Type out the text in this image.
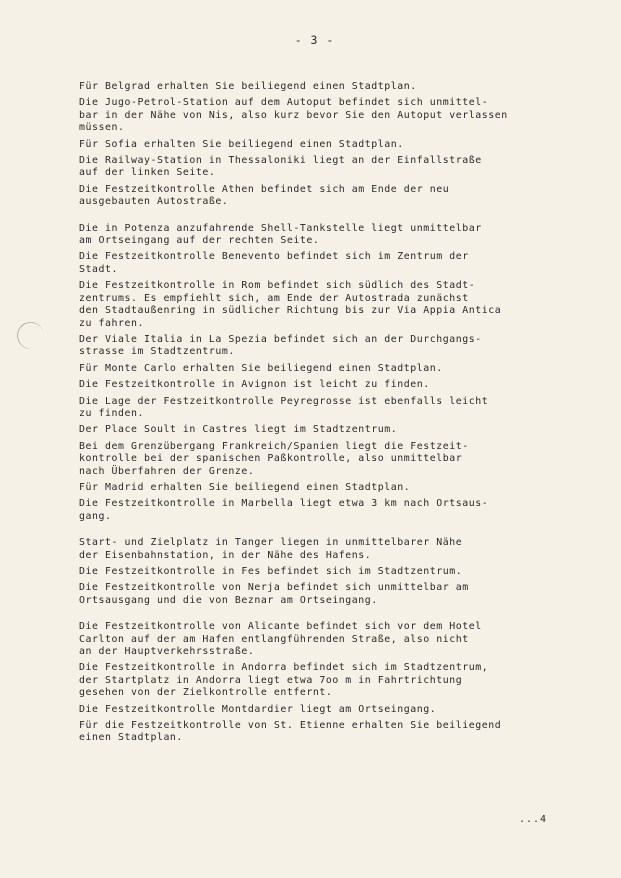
- 3 -

Für Belgrad erhalten Sie beiliegend einen Stadtplan.

Die Jugo-Petrol-Station auf dem Autoput befindet sich unmittel-
bar in der Nähe von Nis, also kurz bevor Sie den Autoput verlassen
müssen.

Für Sofia erhalten Sie beiliegend einen Stadtplan.

Die Railway-Station in Thessaloniki liegt an der Einfallstraße
auf der linken Seite.

Die Festzeitkontrolle Athen befindet sich am Ende der neu
ausgebauten Autostraße.

Die in Potenza anzufahrende Shell-Tankstelle liegt unmittelbar
am Ortseingang auf der rechten Seite.

Die Festzeitkontrolle Benevento befindet sich im Zentrum der
Stadt.

Die Festzeitkontrolle in Rom befindet sich südlich des Stadt-
zentrums. Es empfiehlt sich, am Ende der Autostrada zunächst
den Stadtaußenring in südlicher Richtung bis zur Via Appia Antica
zu fahren.

Der Viale Italia in La Spezia befindet sich an der Durchgangs-
strasse im Stadtzentrum.

Für Monte Carlo erhalten Sie beiliegend einen Stadtplan.

Die Festzeitkontrolle in Avignon ist leicht zu finden.

Die Lage der Festzeitkontrolle Peyregrosse ist ebenfalls leicht
zu finden.

Der Place Soult in Castres liegt im Stadtzentrum.

Bei dem Grenzübergang Frankreich/Spanien liegt die Festzeit-
kontrolle bei der spanischen Paßkontrolle, also unmittelbar
nach Überfahren der Grenze.

Für Madrid erhalten Sie beiliegend einen Stadtplan.

Die Festzeitkontrolle in Marbella liegt etwa 3 km nach Ortsaus-
gang.

Start- und Zielplatz in Tanger liegen in unmittelbarer Nähe
der Eisenbahnstation, in der Nähe des Hafens.

Die Festzeitkontrolle in Fes befindet sich im Stadtzentrum.

Die Festzeitkontrolle von Nerja befindet sich unmittelbar am
Ortsausgang und die von Beznar am Ortseingang.

Die Festzeitkontrolle von Alicante befindet sich vor dem Hotel
Carlton auf der am Hafen entlangführenden Straße, also nicht
an der Hauptverkehrsstraße.

Die Festzeitkontrolle in Andorra befindet sich im Stadtzentrum,
der Startplatz in Andorra liegt etwa 7oo m in Fahrtrichtung
gesehen von der Zielkontrolle entfernt.

Die Festzeitkontrolle Montdardier liegt am Ortseingang.

Für die Festzeitkontrolle von St. Etienne erhalten Sie beiliegend
einen Stadtplan.

...4
